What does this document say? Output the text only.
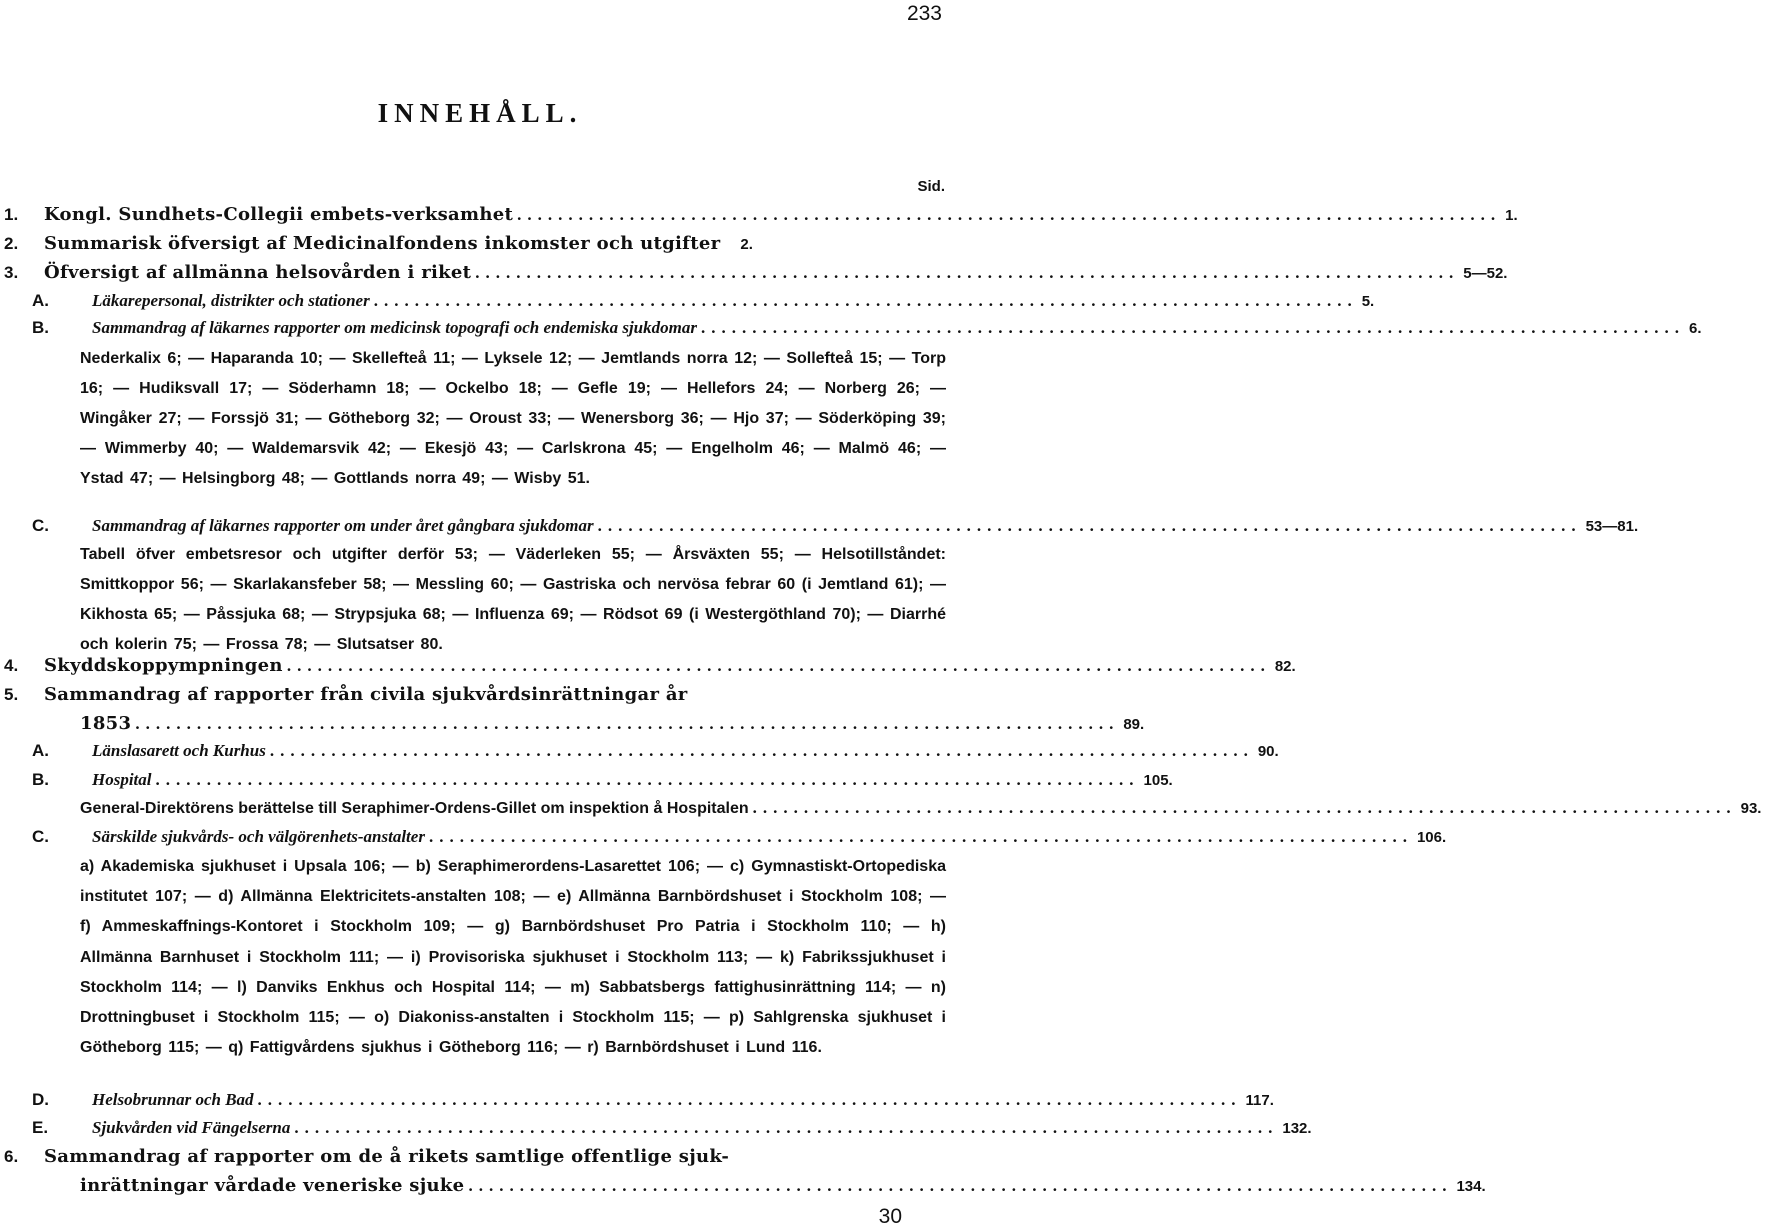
233
INNEHÅLL.
Sid.
1.	Kongl. Sundhets-Collegii embets-verksamhet ................................................................................................ 1.
2.	Summarisk öfversigt af Medicinalfondens inkomster och utgifter 2.
3.	Öfversigt af allmänna helsovården i riket ................................................................................................ 5—52.
A.	Läkarepersonal, distrikter och stationer ................................................................................................ 5.
B.	Sammandrag af läkarnes rapporter om medicinsk topografi och endemiska sjukdomar ................................................................................................ 6.
Nederkalix 6; — Haparanda 10; — Skellefteå 11; — Lyksele 12; — Jemtlands norra 12; — Sollefteå 15; — Torp 16; — Hudiksvall 17; — Söderhamn 18; — Ockelbo 18; — Gefle 19; — Hellefors 24; — Norberg 26; — Wingåker 27; — Forssjö 31; — Götheborg 32; — Oroust 33; — Wenersborg 36; — Hjo 37; — Söderköping 39; — Wimmerby 40; — Waldemarsvik 42; — Ekesjö 43; — Carlskrona 45; — Engelholm 46; — Malmö 46; — Ystad 47; — Helsingborg 48; — Gottlands norra 49; — Wisby 51.
C.	Sammandrag af läkarnes rapporter om under året gångbara sjukdomar ................................................................................................ 53—81.
Tabell öfver embetsresor och utgifter derför 53; — Väderleken 55; — Årsväxten 55; — Helsotillståndet: Smittkoppor 56; — Skarlakansfeber 58; — Messling 60; — Gastriska och nervösa febrar 60 (i Jemtland 61); — Kikhosta 65; — Påssjuka 68; — Strypsjuka 68; — Influenza 69; — Rödsot 69 (i Westergöthland 70); — Diarrhé och kolerin 75; — Frossa 78; — Slutsatser 80.
4.	Skyddskoppympningen ................................................................................................ 82.
5.	Sammandrag af rapporter från civila sjukvårdsinrättningar år
1853 ................................................................................................ 89.
A.	Länslasarett och Kurhus ................................................................................................ 90.
B.	Hospital ................................................................................................ 105.
General-Direktörens berättelse till Seraphimer-Ordens-Gillet om inspektion å Hospitalen ................................................................................................ 93.
C.	Särskilde sjukvårds- och välgörenhets-anstalter ................................................................................................ 106.
a) Akademiska sjukhuset i Upsala 106; — b) Seraphimerordens-Lasarettet 106; — c) Gymnastiskt-Ortopediska institutet 107; — d) Allmänna Elektricitets-anstalten 108; — e) Allmänna Barnbördshuset i Stockholm 108; — f) Ammeskaffnings-Kontoret i Stockholm 109; — g) Barnbördshuset Pro Patria i Stockholm 110; — h) Allmänna Barnhuset i Stockholm 111; — i) Provisoriska sjukhuset i Stockholm 113; — k) Fabrikssjukhuset i Stockholm 114; — l) Danviks Enkhus och Hospital 114; — m) Sabbatsbergs fattighusinrättning 114; — n) Drottningbuset i Stockholm 115; — o) Diakoniss-anstalten i Stockholm 115; — p) Sahlgrenska sjukhuset i Götheborg 115; — q) Fattigvårdens sjukhus i Götheborg 116; — r) Barnbördshuset i Lund 116.
D.	Helsobrunnar och Bad ................................................................................................ 117.
E.	Sjukvården vid Fängelserna ................................................................................................ 132.
6.	Sammandrag af rapporter om de å rikets samtlige offentlige sjuk-
inrättningar vårdade veneriske sjuke ................................................................................................ 134.
30
